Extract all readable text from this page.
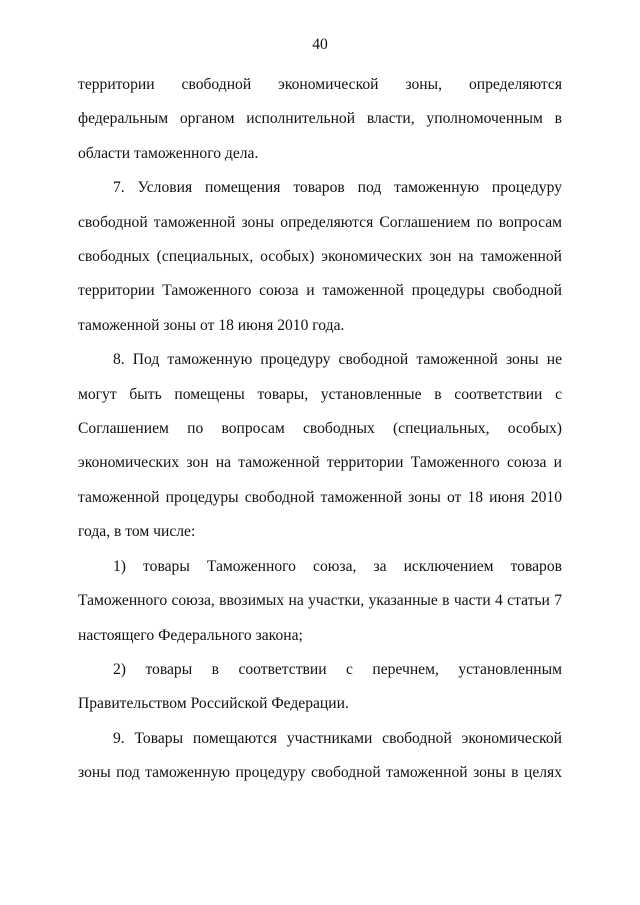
40

территории свободной экономической зоны, определяются федеральным органом исполнительной власти, уполномоченным в области таможенного дела.

7. Условия помещения товаров под таможенную процедуру свободной таможенной зоны определяются Соглашением по вопросам свободных (специальных, особых) экономических зон на таможенной территории Таможенного союза и таможенной процедуры свободной таможенной зоны от 18 июня 2010 года.

8. Под таможенную процедуру свободной таможенной зоны не могут быть помещены товары, установленные в соответствии с Соглашением по вопросам свободных (специальных, особых) экономических зон на таможенной территории Таможенного союза и таможенной процедуры свободной таможенной зоны от 18 июня 2010 года, в том числе:

1) товары Таможенного союза, за исключением товаров Таможенного союза, ввозимых на участки, указанные в части 4 статьи 7 настоящего Федерального закона;

2) товары в соответствии с перечнем, установленным Правительством Российской Федерации.

9. Товары помещаются участниками свободной экономической зоны под таможенную процедуру свободной таможенной зоны в целях
